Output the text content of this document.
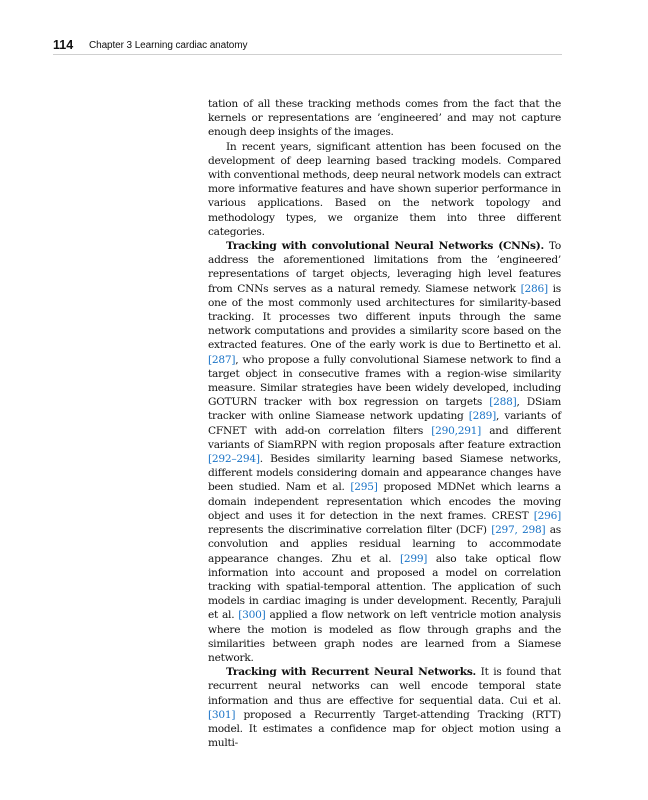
114 Chapter 3 Learning cardiac anatomy

tation of all these tracking methods comes from the fact that the kernels or representations are ’engineered’ and may not capture enough deep insights of the images.

In recent years, significant attention has been focused on the development of deep learning based tracking models. Compared with conventional methods, deep neural network models can extract more informative features and have shown superior performance in various applications. Based on the network topology and methodology types, we organize them into three different categories.

Tracking with convolutional Neural Networks (CNNs). To address the aforementioned limitations from the ’engineered’ representations of target objects, leveraging high level features from CNNs serves as a natural remedy. Siamese network [286] is one of the most commonly used architectures for similarity-based tracking. It processes two different inputs through the same network computations and provides a similarity score based on the extracted features. One of the early work is due to Bertinetto et al. [287], who propose a fully convolutional Siamese network to find a target object in consecutive frames with a region-wise similarity measure. Similar strategies have been widely developed, including GOTURN tracker with box regression on targets [288], DSiam tracker with online Siamease network updating [289], variants of CFNET with add-on correlation filters [290,291] and different variants of SiamRPN with region proposals after feature extraction [292–294]. Besides similarity learning based Siamese networks, different models considering domain and appearance changes have been studied. Nam et al. [295] proposed MDNet which learns a domain independent representation which encodes the moving object and uses it for detection in the next frames. CREST [296] represents the discriminative correlation filter (DCF) [297, 298] as convolution and applies residual learning to accommodate appearance changes. Zhu et al. [299] also take optical flow information into account and proposed a model on correlation tracking with spatial-temporal attention. The application of such models in cardiac imaging is under development. Recently, Parajuli et al. [300] applied a flow network on left ventricle motion analysis where the motion is modeled as flow through graphs and the similarities between graph nodes are learned from a Siamese network.

Tracking with Recurrent Neural Networks. It is found that recurrent neural networks can well encode temporal state information and thus are effective for sequential data. Cui et al. [301] proposed a Recurrently Target-attending Tracking (RTT) model. It estimates a confidence map for object motion using a multi-
